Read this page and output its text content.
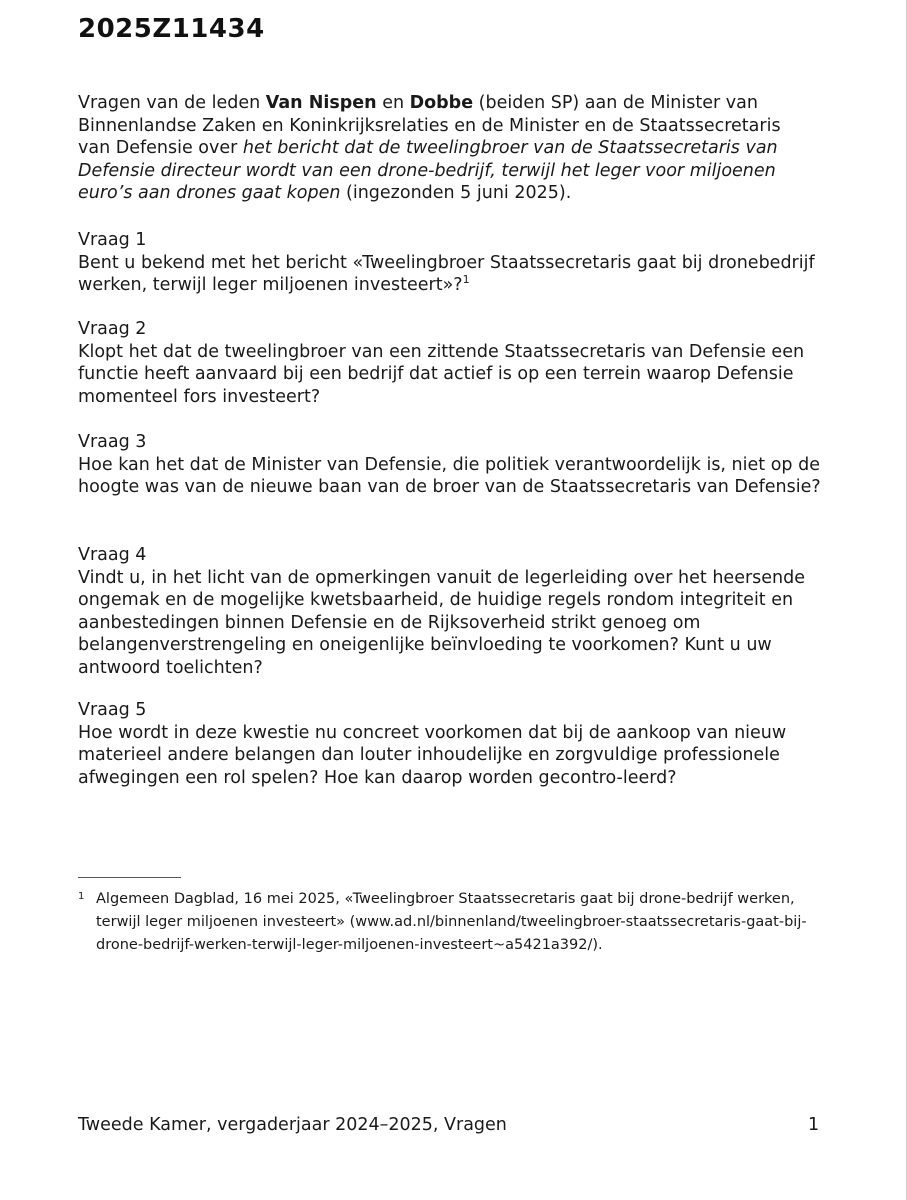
2025Z11434

Vragen van de leden Van Nispen en Dobbe (beiden SP) aan de Minister van Binnenlandse Zaken en Koninkrijksrelaties en de Minister en de Staatssecretaris van Defensie over het bericht dat de tweelingbroer van de Staatssecretaris van Defensie directeur wordt van een drone-bedrijf, terwijl het leger voor miljoenen euro’s aan drones gaat kopen (ingezonden 5 juni 2025).

Vraag 1
Bent u bekend met het bericht «Tweelingbroer Staatssecretaris gaat bij dronebedrijf werken, terwijl leger miljoenen investeert»?$^1$
Vraag 2
Klopt het dat de tweelingbroer van een zittende Staatssecretaris van Defensie een functie heeft aanvaard bij een bedrijf dat actief is op een terrein waarop Defensie momenteel fors investeert?
Vraag 3
Hoe kan het dat de Minister van Defensie, die politiek verantwoordelijk is, niet op de hoogte was van de nieuwe baan van de broer van de Staatssecretaris van Defensie?
Vraag 4
Vindt u, in het licht van de opmerkingen vanuit de legerleiding over het heersende ongemak en de mogelijke kwetsbaarheid, de huidige regels rondom integriteit en aanbestedingen binnen Defensie en de Rijksoverheid strikt genoeg om belangenverstrengeling en oneigenlijke beïnvloeding te voorkomen? Kunt u uw antwoord toelichten?
Vraag 5
Hoe wordt in deze kwestie nu concreet voorkomen dat bij de aankoop van nieuw materieel andere belangen dan louter inhoudelijke en zorgvuldige professionele afwegingen een rol spelen? Hoe kan daarop worden gecontro-leerd?
1 Algemeen Dagblad, 16 mei 2025, «Tweelingbroer Staatssecretaris gaat bij drone-bedrijf werken, terwijl leger miljoenen investeert» (www.ad.nl/binnenland/tweelingbroer-staatssecretaris-gaat-bij-drone-bedrijf-werken-terwijl-leger-miljoenen-investeert~a5421a392/).
Tweede Kamer, vergaderjaar 2024–2025, Vragen	1
